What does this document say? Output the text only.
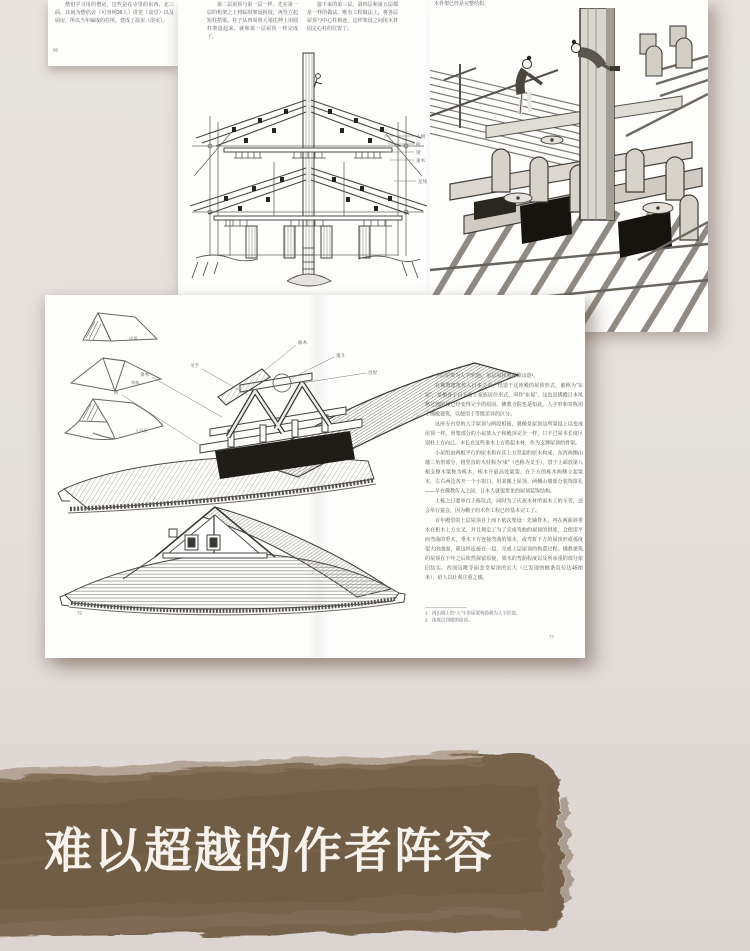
僧们学习用的僧房，这些是在寺里的东西、北三面，其间为僧侣舍（可容纳36人）讲堂（食堂）以及厨房，所以当年编成的住所，建成了温室（浴室）。

88

第二层屋顶与第一层一样，先在第一层的桁架之上将临时架设拆枝，再竖立起短柱搭梁。柱子从四周将大梁托押上用圆柱架设起来，就和第一层屋顶一样完成了。

接下来的第三层、第四层和第五层都是一样的做法，唯有工程做法上，将各层屋顶与中心柱相连，这样架设之间用木材固定心柱的位置了。

斗栱
桁
梁
垂木
足场

木骨架已经是完整结构。

切妻
寄栋
入母屋
栋木
鬼斗
母屋
叉手
垂木
桁

上层屋架为人字形造¹，底层屋顶则是歇山造²。

在佛教建筑传入日本之前，结造于这座殿的屋顶形式，被称为“东屋”，是栖身于自下而上家族居住形式，叫作“东屋”。这也是佛殿日本风格过渡阶段已经变得完全的原因。佛教寺院也是如此，人字形和寄栋用于佛殿建筑，以便用于等级差异的区分。

这座专台堂的人字屋顶与两段相接，就像是屋顶边所架设上以变成屋顶一样。骨架部分的小屋放入子和殿顶完全一样，只不过屋本长度区别柱上方向已。本长在这些垂木上方搭起木材，作为支撑屋顶的骨架。

小屋组由两根平行的原木和在其上方竖起的原木构成，东西两侧山墙三角形部分，将竖直的木材称为“束”（也称为叉手）。置于上面放第八根支撑木梁称为栋木，栋木升最高处梁架。在下方的栋木两侧立起梁木，左右两边各开一个小窗口，用来搬上屋顶。两侧山墙部分装饰窗孔——早在佛教传入之前，日本人就很常见的屋顶装饰结构。

上栋之日要举行上栋仪式，同时为了庆祝木材所需木工的辛劳，还会举行宴会，因为棚子的木作工程已经基本完工了。

百年殿堂的上层屋顶自上而下依次架设：先铺脊木，再在两面斜垂木在桁木上方交叉，并且规定了为了完成弯曲的屋顶的拱度，会使用平而弯曲的垂木，垂木下方连接弯曲的梁木，或弯折下方的屋顶形成弧度很大的曲面，就这样连接在一起，完成上层屋顶的构造过程。佛教建筑的屋顶在千年之后依然保留原貌，梁木的弯曲程度以及所承重的部分依旧结实。西面远眺寺庙金堂屋顶的宏大（已发现的檩条直径达45厘米），给人以壮观庄重之感。

1　两山墙上的“人”字形屋架构造称为人字形造。
2　指底层四坡的屋顶。
76
77
难以超越的作者阵容
